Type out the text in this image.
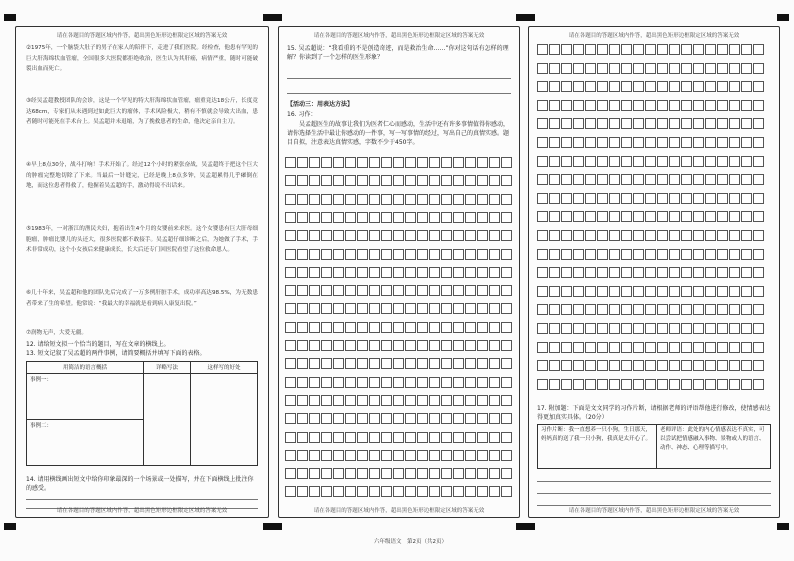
请在各题目的答题区域内作答，超出黑色矩形边框限定区域的答案无效
②1975年，一个脑袋大肚子的男子在家人的陪伴下，走进了我们医院。经检查，他患有罕见的巨大肝海绵状血管瘤，全国很多大医院都拒绝收治，医生认为其肝癌，病情严重，随时可能破裂出血而死亡。
③经吴孟超教授团队的会诊，这是一个罕见的特大肝海绵状血管瘤，瘤重竟达18公斤，长度竟达68cm，专家们从未遇到过如此巨大的瘤体，手术风险极大，稍有不慎就会导致大出血，患者随时可能死在手术台上。吴孟超并未退缩，为了挽救患者的生命，他决定亲自主刀。
④早上8点30分，战斗打响！手术开始了。经过12个小时的紧张奋战，吴孟超终于把这个巨大的肿瘤完整地切除了下来。当最后一针缝完，已经是晚上8点多钟，吴孟超累得几乎瘫倒在地，而这位患者得救了，他握着吴孟超的手，激动得说不出话来。
⑤1983年，一对浙江的渔民夫妇，抱着出生4个月的女婴前来求医。这个女婴患有巨大肝母细胞瘤，肿瘤比婴儿的头还大，很多医院都不敢接手。吴孟超仔细诊断之后，为她做了手术，手术非常成功，这个小女孩后来健康成长，长大后还专门回医院看望了这位救命恩人。
⑥几十年来，吴孟超和他的团队先后完成了一万多例肝脏手术，成功率高达98.5%，为无数患者带来了生的希望。他常说：“我最大的幸福就是看到病人康复出院。”
⑦润物无声，大爱无疆。
12. 请给短文拟一个恰当的题目，写在文章的横线上。
13. 短文记叙了吴孟超的两件事例，请简要概括并填写下面的表格。
用简洁的语言概括	详略写法	这样写的好处
事例一：		
事例二：		
14. 请用横线画出短文中给你印象最深的一个场景或一处描写，并在下面横线上批注你的感受。
请在各题目的答题区域内作答，超出黑色矩形边框限定区域的答案无效
请在各题目的答题区域内作答，超出黑色矩形边框限定区域的答案无效
15. 吴孟超说：“我看重的不是创造奇迹，而是救治生命……”你对这句话有怎样的理解？你读到了一个怎样的医生形象？
【活动三：用表达方法】
16. 习作：
吴孟超医生的故事让我们为医者仁心而感动，生活中还有许多事情值得你感动，请你选择生活中最让你感动的一件事，写一写事情的经过，写出自己的真情实感。题目自拟，注意表达真情实感，字数不少于450字。
请在各题目的答题区域内作答，超出黑色矩形边框限定区域的答案无效
请在各题目的答题区域内作答，超出黑色矩形边框限定区域的答案无效
17. 附加题：下面是文文同学的习作片断，请根据老师的评语帮他进行修改，使情感表达得更加真实具体。（20分）
习作片断：我一直想养一只小狗，生日那天，妈妈真的送了我一只小狗，我真是太开心了。	老师评语：此处的内心情感表达不真实，可以尝试把情感融入事物、景物或人的语言、动作、神态、心理等描写中。
请在各题目的答题区域内作答，超出黑色矩形边框限定区域的答案无效
六年级语文　第2页（共2页）
